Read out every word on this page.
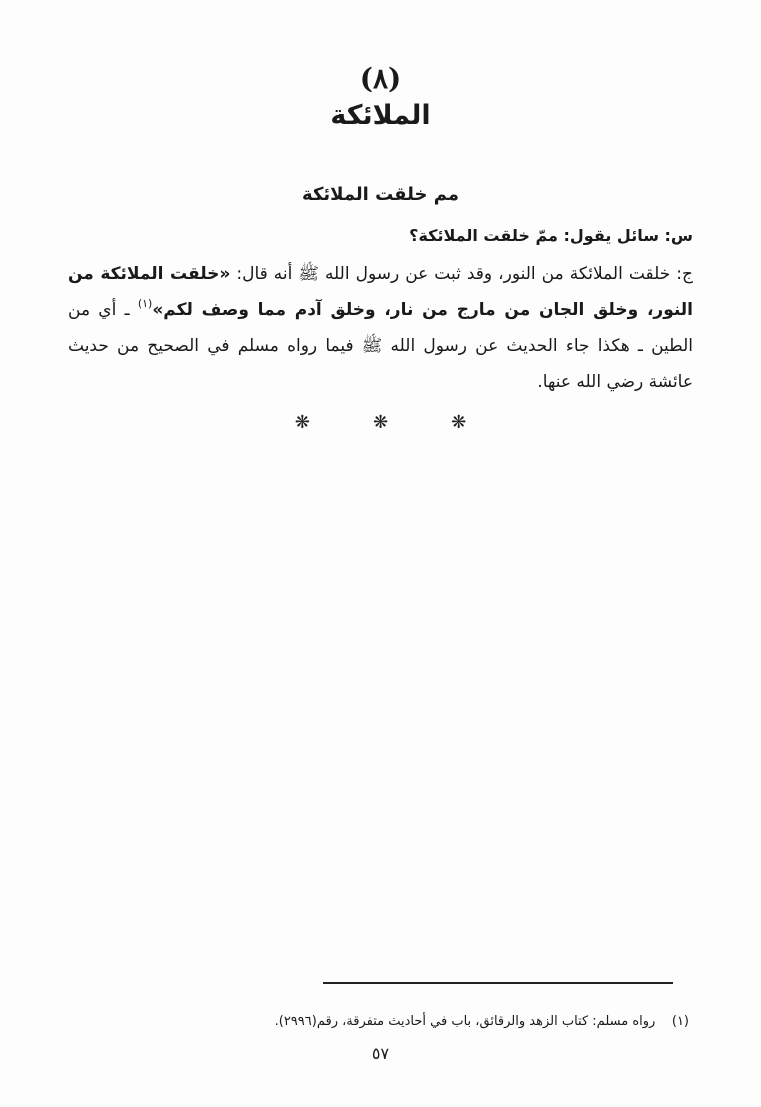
(٨)
الملائكة
مم خلقت الملائكة
س: سائل يقول: ممّ خلقت الملائكة؟
ج: خلقت الملائكة من النور، وقد ثبت عن رسول الله ﷺ أنه قال: «خلقت الملائكة من النور، وخلق الجان من مارج من نار، وخلق آدم مما وصف لكم»$^{(١)}$ ـ أي من الطين ـ هكذا جاء الحديث عن رسول الله ﷺ فيما رواه مسلم في الصحيح من حديث عائشة رضي الله عنها.
❋ ❋ ❋
(١)    رواه مسلم: كتاب الزهد والرقائق، باب في أحاديث متفرقة، رقم(٢٩٩٦).
٥٧
